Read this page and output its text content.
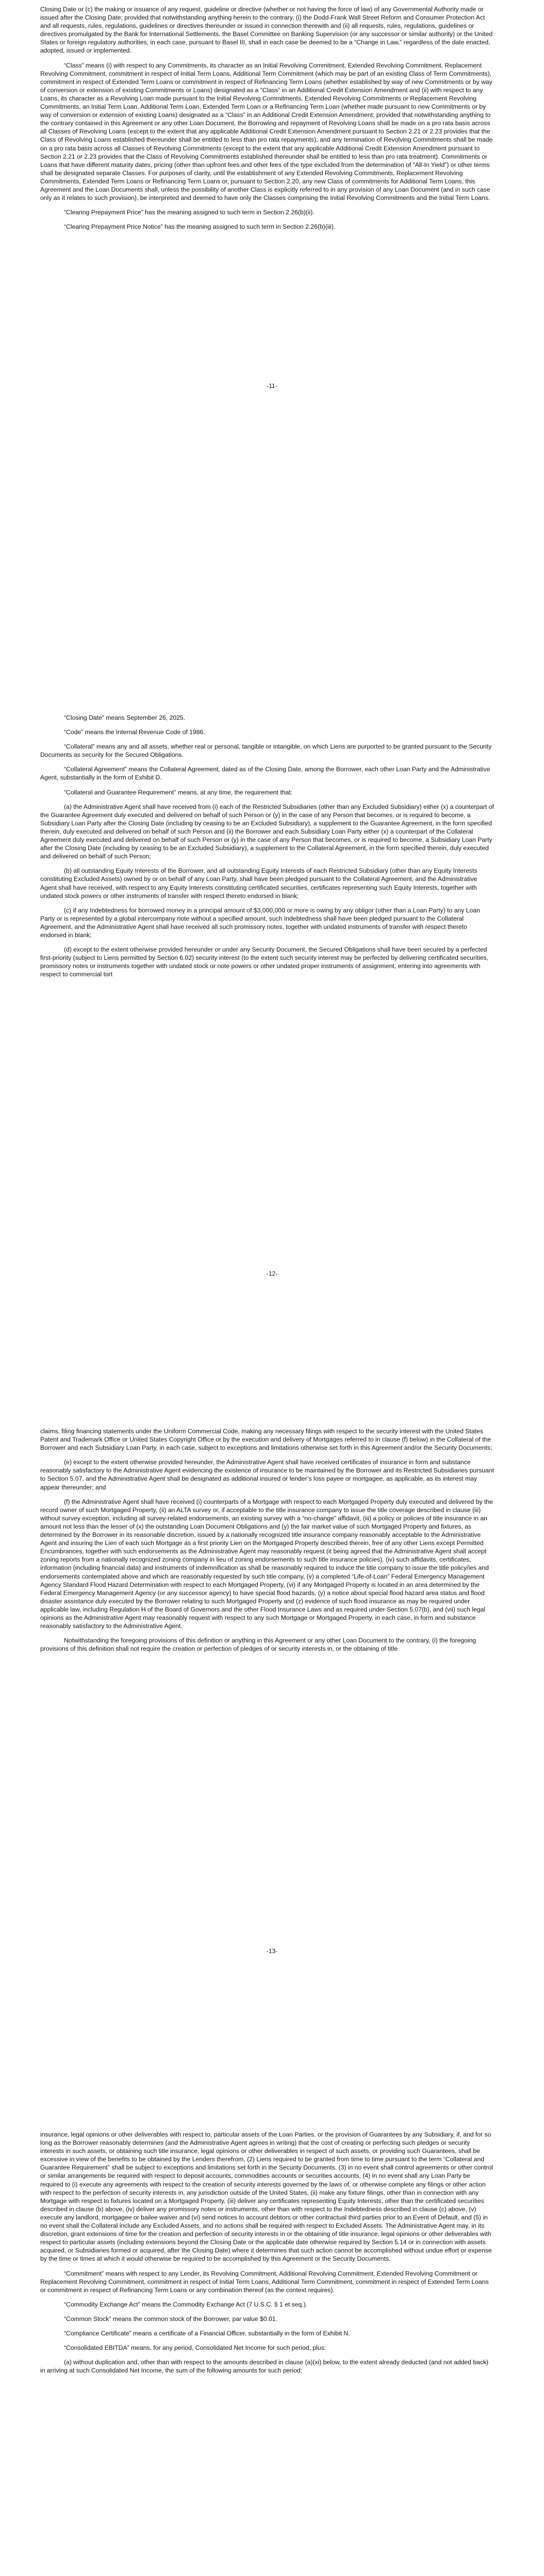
Closing Date or (c) the making or issuance of any request, guideline or directive (whether or not having the force of law) of any Governmental Authority made or issued after the Closing Date; provided that notwithstanding anything herein to the contrary, (i) the Dodd-Frank Wall Street Reform and Consumer Protection Act and all requests, rules, regulations, guidelines or directives thereunder or issued in connection therewith and (ii) all requests, rules, regulations, guidelines or directives promulgated by the Bank for International Settlements, the Basel Committee on Banking Supervision (or any successor or similar authority) or the United States or foreign regulatory authorities, in each case, pursuant to Basel III, shall in each case be deemed to be a “Change in Law,” regardless of the date enacted, adopted, issued or implemented.

“Class” means (i) with respect to any Commitments, its character as an Initial Revolving Commitment, Extended Revolving Commitment, Replacement Revolving Commitment, commitment in respect of Initial Term Loans, Additional Term Commitment (which may be part of an existing Class of Term Commitments), commitment in respect of Extended Term Loans or commitment in respect of Refinancing Term Loans (whether established by way of new Commitments or by way of conversion or extension of existing Commitments or Loans) designated as a “Class” in an Additional Credit Extension Amendment and (ii) with respect to any Loans, its character as a Revolving Loan made pursuant to the Initial Revolving Commitments, Extended Revolving Commitments or Replacement Revolving Commitments, an Initial Term Loan, Additional Term Loan, Extended Term Loan or a Refinancing Term Loan (whether made pursuant to new Commitments or by way of conversion or extension of existing Loans) designated as a “Class” in an Additional Credit Extension Amendment; provided that notwithstanding anything to the contrary contained in this Agreement or any other Loan Document, the Borrowing and repayment of Revolving Loans shall be made on a pro rata basis across all Classes of Revolving Loans (except to the extent that any applicable Additional Credit Extension Amendment pursuant to Section 2.21 or 2.23 provides that the Class of Revolving Loans established thereunder shall be entitled to less than pro rata repayments), and any termination of Revolving Commitments shall be made on a pro rata basis across all Classes of Revolving Commitments (except to the extent that any applicable Additional Credit Extension Amendment pursuant to Section 2.21 or 2.23 provides that the Class of Revolving Commitments established thereunder shall be entitled to less than pro rata treatment). Commitments or Loans that have different maturity dates, pricing (other than upfront fees and other fees of the type excluded from the determination of “All-In Yield”) or other terms shall be designated separate Classes. For purposes of clarity, until the establishment of any Extended Revolving Commitments, Replacement Revolving Commitments, Extended Term Loans or Refinancing Term Loans or, pursuant to Section 2.20, any new Class of commitments for Additional Term Loans, this Agreement and the Loan Documents shall, unless the possibility of another Class is explicitly referred to in any provision of any Loan Document (and in such case only as it relates to such provision), be interpreted and deemed to have only the Classes comprising the Initial Revolving Commitments and the Initial Term Loans.

“Clearing Prepayment Price” has the meaning assigned to such term in Section 2.26(b)(ii).

“Clearing Prepayment Price Notice” has the meaning assigned to such term in Section 2.26(b)(iii).

-11-

“Closing Date” means September 26, 2025.

“Code” means the Internal Revenue Code of 1986.

“Collateral” means any and all assets, whether real or personal, tangible or intangible, on which Liens are purported to be granted pursuant to the Security Documents as security for the Secured Obligations.

“Collateral Agreement” means the Collateral Agreement, dated as of the Closing Date, among the Borrower, each other Loan Party and the Administrative Agent, substantially in the form of Exhibit D.

“Collateral and Guarantee Requirement” means, at any time, the requirement that:

(a) the Administrative Agent shall have received from (i) each of the Restricted Subsidiaries (other than any Excluded Subsidiary) either (x) a counterpart of the Guarantee Agreement duly executed and delivered on behalf of such Person or (y) in the case of any Person that becomes, or is required to become, a Subsidiary Loan Party after the Closing Date (including by ceasing to be an Excluded Subsidiary), a supplement to the Guarantee Agreement, in the form specified therein, duly executed and delivered on behalf of such Person and (ii) the Borrower and each Subsidiary Loan Party either (x) a counterpart of the Collateral Agreement duly executed and delivered on behalf of such Person or (y) in the case of any Person that becomes, or is required to become, a Subsidiary Loan Party after the Closing Date (including by ceasing to be an Excluded Subsidiary), a supplement to the Collateral Agreement, in the form specified therein, duly executed and delivered on behalf of such Person;

(b) all outstanding Equity Interests of the Borrower, and all outstanding Equity Interests of each Restricted Subsidiary (other than any Equity Interests constituting Excluded Assets) owned by or on behalf of any Loan Party, shall have been pledged pursuant to the Collateral Agreement, and the Administrative Agent shall have received, with respect to any Equity Interests constituting certificated securities, certificates representing such Equity Interests, together with undated stock powers or other instruments of transfer with respect thereto endorsed in blank;

(c) if any Indebtedness for borrowed money in a principal amount of $3,000,000 or more is owing by any obligor (other than a Loan Party) to any Loan Party or is represented by a global intercompany note without a specified amount, such Indebtedness shall have been pledged pursuant to the Collateral Agreement, and the Administrative Agent shall have received all such promissory notes, together with undated instruments of transfer with respect thereto endorsed in blank;

(d) except to the extent otherwise provided hereunder or under any Security Document, the Secured Obligations shall have been secured by a perfected first-priority (subject to Liens permitted by Section 6.02) security interest (to the extent such security interest may be perfected by delivering certificated securities, promissory notes or instruments together with undated stock or note powers or other undated proper instruments of assignment, entering into agreements with respect to commercial tort

-12-

claims, filing financing statements under the Uniform Commercial Code, making any necessary filings with respect to the security interest with the United States Patent and Trademark Office or United States Copyright Office or by the execution and delivery of Mortgages referred to in clause (f) below) in the Collateral of the Borrower and each Subsidiary Loan Party, in each case, subject to exceptions and limitations otherwise set forth in this Agreement and/or the Security Documents;

(e) except to the extent otherwise provided hereunder, the Administrative Agent shall have received certificates of insurance in form and substance reasonably satisfactory to the Administrative Agent evidencing the existence of insurance to be maintained by the Borrower and its Restricted Subsidiaries pursuant to Section 5.07, and the Administrative Agent shall be designated as additional insured or lender’s loss payee or mortgagee, as applicable, as its interest may appear thereunder; and

(f) the Administrative Agent shall have received (i) counterparts of a Mortgage with respect to each Mortgaged Property duly executed and delivered by the record owner of such Mortgaged Property, (ii) an ALTA survey or, if acceptable to the title insurance company to issue the title coverage described in clause (iii) without survey exception, including all survey-related endorsements, an existing survey with a “no-change” affidavit, (iii) a policy or policies of title insurance in an amount not less than the lesser of (x) the outstanding Loan Document Obligations and (y) the fair market value of such Mortgaged Property and fixtures, as determined by the Borrower in its reasonable discretion, issued by a nationally recognized title insurance company reasonably acceptable to the Administrative Agent and insuring the Lien of each such Mortgage as a first priority Lien on the Mortgaged Property described therein, free of any other Liens except Permitted Encumbrances, together with such endorsements as the Administrative Agent may reasonably request (it being agreed that the Administrative Agent shall accept zoning reports from a nationally recognized zoning company in lieu of zoning endorsements to such title insurance policies), (iv) such affidavits, certificates, information (including financial data) and instruments of indemnification as shall be reasonably required to induce the title company to issue the title policy/ies and endorsements contemplated above and which are reasonably requested by such title company, (v) a completed “Life-of-Loan” Federal Emergency Management Agency Standard Flood Hazard Determination with respect to each Mortgaged Property, (vi) if any Mortgaged Property is located in an area determined by the Federal Emergency Management Agency (or any successor agency) to have special flood hazards, (y) a notice about special flood hazard area status and flood disaster assistance duly executed by the Borrower relating to such Mortgaged Property and (z) evidence of such flood insurance as may be required under applicable law, including Regulation H of the Board of Governors and the other Flood Insurance Laws and as required under Section 5.07(b), and (vii) such legal opinions as the Administrative Agent may reasonably request with respect to any such Mortgage or Mortgaged Property, in each case, in form and substance reasonably satisfactory to the Administrative Agent.

Notwithstanding the foregoing provisions of this definition or anything in this Agreement or any other Loan Document to the contrary, (i) the foregoing provisions of this definition shall not require the creation or perfection of pledges of or security interests in, or the obtaining of title

-13-

insurance, legal opinions or other deliverables with respect to, particular assets of the Loan Parties, or the provision of Guarantees by any Subsidiary, if, and for so long as the Borrower reasonably determines (and the Administrative Agent agrees in writing) that the cost of creating or perfecting such pledges or security interests in such assets, or obtaining such title insurance, legal opinions or other deliverables in respect of such assets, or providing such Guarantees, shall be excessive in view of the benefits to be obtained by the Lenders therefrom, (2) Liens required to be granted from time to time pursuant to the term “Collateral and Guarantee Requirement” shall be subject to exceptions and limitations set forth in the Security Documents, (3) in no event shall control agreements or other control or similar arrangements be required with respect to deposit accounts, commodities accounts or securities accounts, (4) in no event shall any Loan Party be required to (i) execute any agreements with respect to the creation of security interests governed by the laws of, or otherwise complete any filings or other action with respect to the perfection of security interests in, any jurisdiction outside of the United States, (ii) make any fixture filings, other than in connection with any Mortgage with respect to fixtures located on a Mortgaged Property, (iii) deliver any certificates representing Equity Interests, other than the certificated securities described in clause (b) above, (iv) deliver any promissory notes or instruments, other than with respect to the Indebtedness described in clause (c) above, (v) execute any landlord, mortgagee or bailee waiver and (vi) send notices to account debtors or other contractual third parties prior to an Event of Default, and (5) in no event shall the Collateral include any Excluded Assets, and no actions shall be required with respect to Excluded Assets. The Administrative Agent may, in its discretion, grant extensions of time for the creation and perfection of security interests in or the obtaining of title insurance, legal opinions or other deliverables with respect to particular assets (including extensions beyond the Closing Date or the applicable date otherwise required by Section 5.14 or in connection with assets acquired, or Subsidiaries formed or acquired, after the Closing Date) where it determines that such action cannot be accomplished without undue effort or expense by the time or times at which it would otherwise be required to be accomplished by this Agreement or the Security Documents.

“Commitment” means with respect to any Lender, its Revolving Commitment, Additional Revolving Commitment, Extended Revolving Commitment or Replacement Revolving Commitment, commitment in respect of Initial Term Loans, Additional Term Commitment, commitment in respect of Extended Term Loans or commitment in respect of Refinancing Term Loans or any combination thereof (as the context requires).

“Commodity Exchange Act” means the Commodity Exchange Act (7 U.S.C. § 1 et seq.).

“Common Stock” means the common stock of the Borrower, par value $0.01.

“Compliance Certificate” means a certificate of a Financial Officer, substantially in the form of Exhibit N.

“Consolidated EBITDA” means, for any period, Consolidated Net Income for such period, plus:

(a) without duplication and, other than with respect to the amounts described in clause (a)(xi) below, to the extent already deducted (and not added back) in arriving at such Consolidated Net Income, the sum of the following amounts for such period:
